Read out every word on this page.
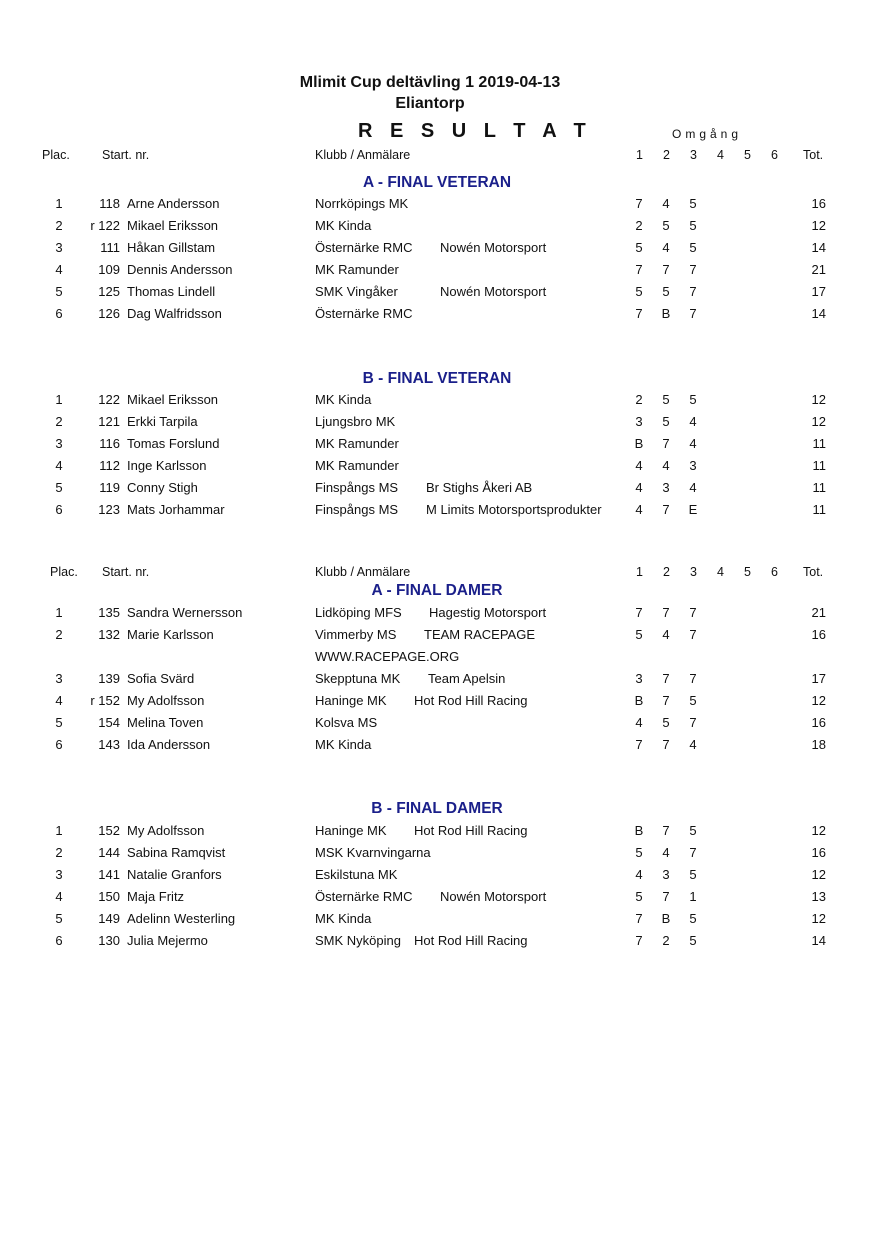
Mlimit Cup deltävling 1 2019-04-13
Eliantorp
R E S U L T A T	Omgång
Plac.	Start. nr.	Klubb / Anmälare	1 2 3 4 5 6 Tot.
Plac. Start. nr.	Klubb / Anmälare	1 2 3 4 5 6 Tot.
A - FINAL VETERAN
1	118 Arne Andersson	Norrköpings MK	7 4 5	16
2	r 122 Mikael Eriksson	MK Kinda	2 5 5	12
3	111 Håkan Gillstam	Östernärke RMC Nowén Motorsport	5 4 5	14
4	109 Dennis Andersson	MK Ramunder	7 7 7	21
5	125 Thomas Lindell	SMK Vingåker	Nowén Motorsport	5 5 7	17
6	126 Dag Walfridsson	Östernärke RMC	7 B 7	14
B - FINAL VETERAN
1	122 Mikael Eriksson	MK Kinda	2 5 5	12
2	121 Erkki Tarpila	Ljungsbro MK	3 5 4	12
3	116 Tomas Forslund	MK Ramunder	B 7 4	11
4	112 Inge Karlsson	MK Ramunder	4 4 3	11
5	119 Conny Stigh	Finspångs MS Br Stighs Åkeri AB	4 3 4	11
6	123 Mats Jorhammar	Finspångs MS M Limits Motorsportsprodukter	4 7 E	11
A - FINAL DAMER
1	135 Sandra Wernersson	Lidköping MFS Hagestig Motorsport	7 7 7	21
2	132 Marie Karlsson	Vimmerby MS TEAM RACEPAGE	5 4 7	16
WWW.RACEPAGE.ORG
3	139 Sofia Svärd	Skepptuna MK Team Apelsin	3 7 7	17
4	r 152 My Adolfsson	Haninge MK Hot Rod Hill Racing	B 7 5	12
5	154 Melina Toven	Kolsva MS	4 5 7	16
6	143 Ida Andersson	MK Kinda	7 7 4	18
B - FINAL DAMER
1	152 My Adolfsson	Haninge MK Hot Rod Hill Racing	B 7 5	12
2	144 Sabina Ramqvist	MSK Kvarnvingarna	5 4 7	16
3	141 Natalie Granfors	Eskilstuna MK	4 3 5	12
4	150 Maja Fritz	Östernärke RMC Nowén Motorsport	5 7 1	13
5	149 Adelinn Westerling	MK Kinda	7 B 5	12
6	130 Julia Mejermo	SMK Nyköping Hot Rod Hill Racing	7 2 5	14
